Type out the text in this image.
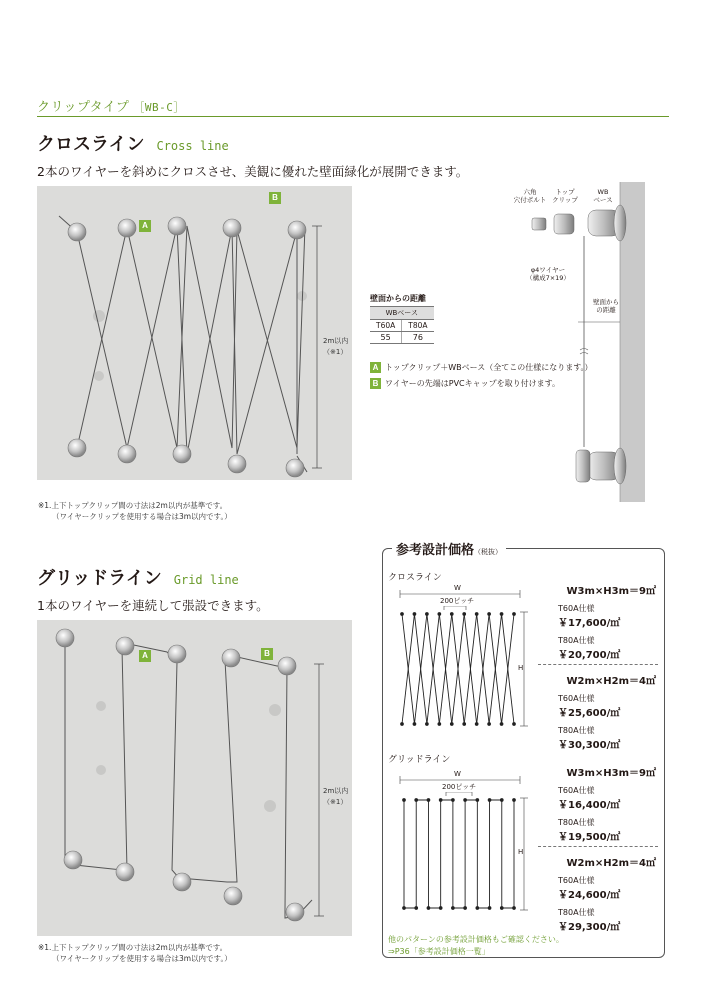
クリップタイプ ［WB-C］
クロスライン Cross line
2本のワイヤーを斜めにクロスさせ、美観に優れた壁面緑化が展開できます。
A
B
2m以内
（※1）
※1.上下トップクリップ間の寸法は2m以内が基準です。
（ワイヤークリップを使用する場合は3m以内です。）
六角
穴付ボルト
トップ
クリップ
WB
ベース
φ4ワイヤー
（構成7×19）
壁面から
の距離
壁面からの距離
WBベース	
T60A	T80A
55	76
A トップクリップ＋WBベース（全てこの仕様になります。）
B ワイヤーの先端はPVCキャップを取り付けます。
グリッドライン Grid line
1本のワイヤーを連続して張設できます。
A	B
2m以内
（※1）
※1.上下トップクリップ間の寸法は2m以内が基準です。
（ワイヤークリップを使用する場合は3m以内です。）
参考設計価格（税抜）
クロスライン
W
200ピッチ
H
W3m×H3m＝9㎡
T60A仕様
￥17,600/㎡
T80A仕様
￥20,700/㎡
W2m×H2m＝4㎡
T60A仕様
￥25,600/㎡
T80A仕様
￥30,300/㎡
グリッドライン
W
200ピッチ
H
W3m×H3m＝9㎡
T60A仕様
￥16,400/㎡
T80A仕様
￥19,500/㎡
W2m×H2m＝4㎡
T60A仕様
￥24,600/㎡
T80A仕様
￥29,300/㎡
他のパターンの参考設計価格もご確認ください。
⇒P36「参考設計価格一覧」
